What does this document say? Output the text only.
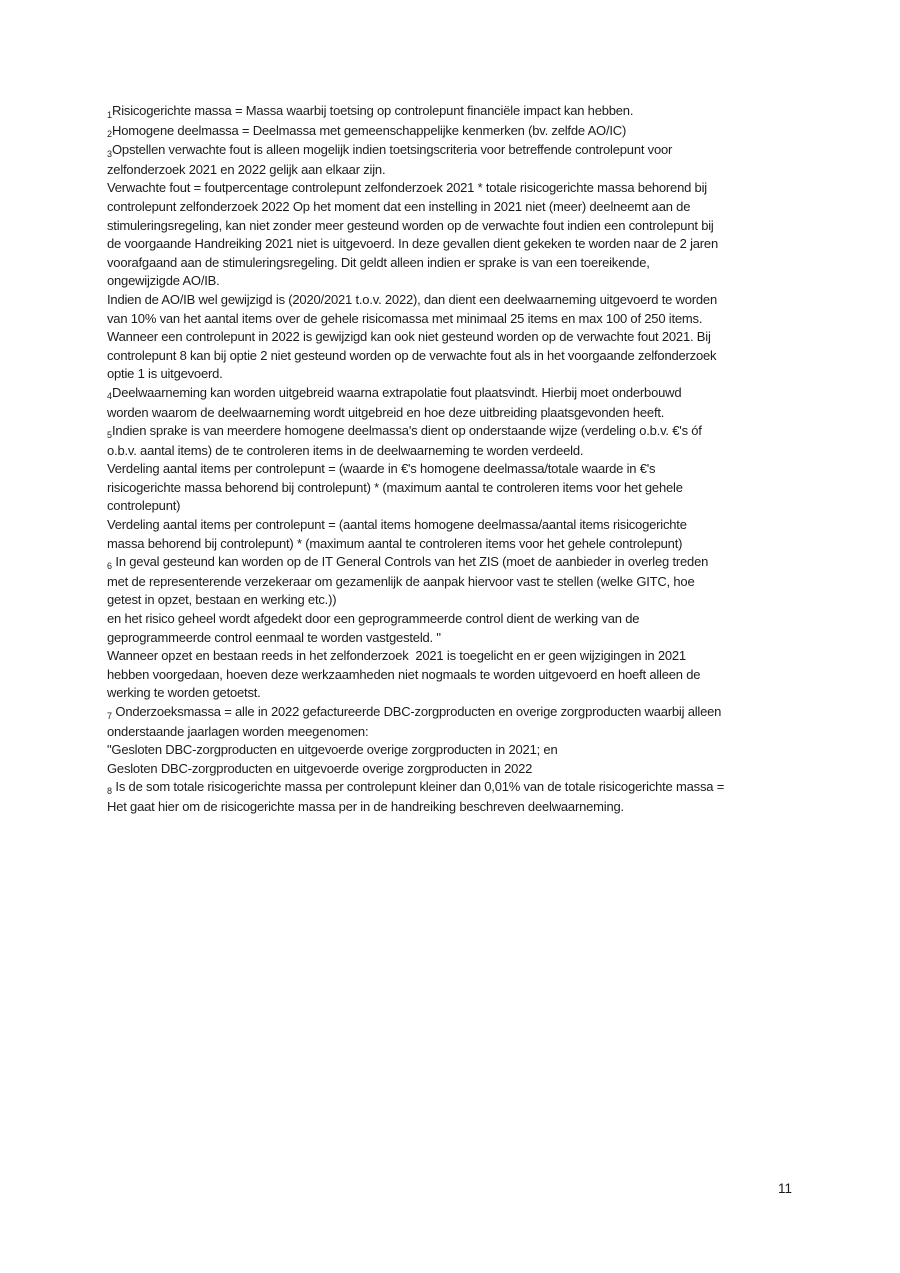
1Risicogerichte massa = Massa waarbij toetsing op controlepunt financiële impact kan hebben.
2Homogene deelmassa = Deelmassa met gemeenschappelijke kenmerken (bv. zelfde AO/IC)
3Opstellen verwachte fout is alleen mogelijk indien toetsingscriteria voor betreffende controlepunt voor
zelfonderzoek 2021 en 2022 gelijk aan elkaar zijn.
Verwachte fout = foutpercentage controlepunt zelfonderzoek 2021 * totale risicogerichte massa behorend bij
controlepunt zelfonderzoek 2022 Op het moment dat een instelling in 2021 niet (meer) deelneemt aan de
stimuleringsregeling, kan niet zonder meer gesteund worden op de verwachte fout indien een controlepunt bij
de voorgaande Handreiking 2021 niet is uitgevoerd. In deze gevallen dient gekeken te worden naar de 2 jaren
voorafgaand aan de stimuleringsregeling. Dit geldt alleen indien er sprake is van een toereikende,
ongewijzigde AO/IB.
Indien de AO/IB wel gewijzigd is (2020/2021 t.o.v. 2022), dan dient een deelwaarneming uitgevoerd te worden
van 10% van het aantal items over de gehele risicomassa met minimaal 25 items en max 100 of 250 items.
Wanneer een controlepunt in 2022 is gewijzigd kan ook niet gesteund worden op de verwachte fout 2021. Bij
controlepunt 8 kan bij optie 2 niet gesteund worden op de verwachte fout als in het voorgaande zelfonderzoek
optie 1 is uitgevoerd.
4Deelwaarneming kan worden uitgebreid waarna extrapolatie fout plaatsvindt. Hierbij moet onderbouwd
worden waarom de deelwaarneming wordt uitgebreid en hoe deze uitbreiding plaatsgevonden heeft.
5Indien sprake is van meerdere homogene deelmassa's dient op onderstaande wijze (verdeling o.b.v. €'s óf
o.b.v. aantal items) de te controleren items in de deelwaarneming te worden verdeeld.
Verdeling aantal items per controlepunt = (waarde in €'s homogene deelmassa/totale waarde in €'s
risicogerichte massa behorend bij controlepunt) * (maximum aantal te controleren items voor het gehele
controlepunt)
Verdeling aantal items per controlepunt = (aantal items homogene deelmassa/aantal items risicogerichte
massa behorend bij controlepunt) * (maximum aantal te controleren items voor het gehele controlepunt)
6 In geval gesteund kan worden op de IT General Controls van het ZIS (moet de aanbieder in overleg treden
met de representerende verzekeraar om gezamenlijk de aanpak hiervoor vast te stellen (welke GITC, hoe
getest in opzet, bestaan en werking etc.))
en het risico geheel wordt afgedekt door een geprogrammeerde control dient de werking van de
geprogrammeerde control eenmaal te worden vastgesteld. "
Wanneer opzet en bestaan reeds in het zelfonderzoek  2021 is toegelicht en er geen wijzigingen in 2021
hebben voorgedaan, hoeven deze werkzaamheden niet nogmaals te worden uitgevoerd en hoeft alleen de
werking te worden getoetst.
7 Onderzoeksmassa = alle in 2022 gefactureerde DBC-zorgproducten en overige zorgproducten waarbij alleen
onderstaande jaarlagen worden meegenomen:
"Gesloten DBC-zorgproducten en uitgevoerde overige zorgproducten in 2021; en
Gesloten DBC-zorgproducten en uitgevoerde overige zorgproducten in 2022
8 Is de som totale risicogerichte massa per controlepunt kleiner dan 0,01% van de totale risicogerichte massa =
Het gaat hier om de risicogerichte massa per in de handreiking beschreven deelwaarneming.
11
